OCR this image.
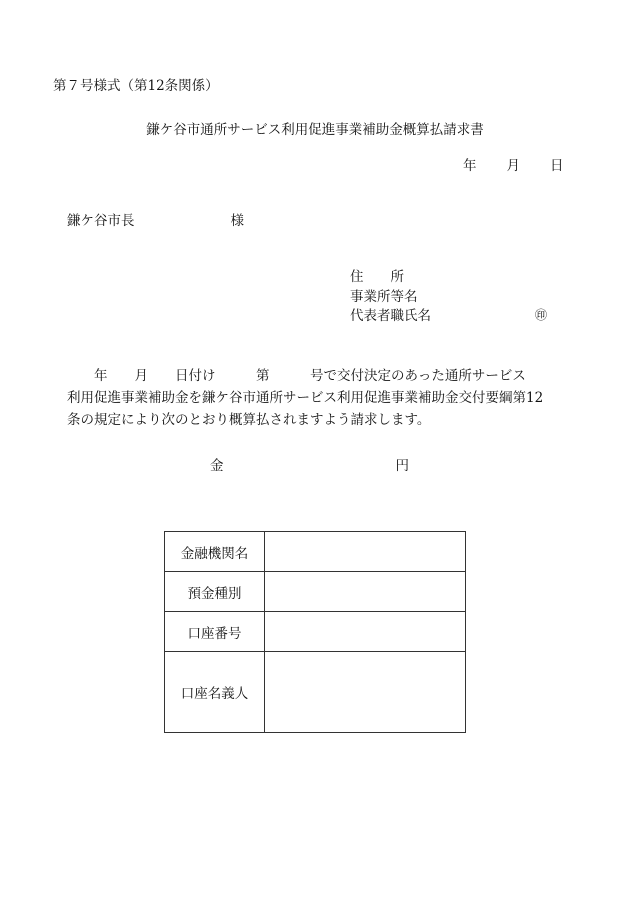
第７号様式（第12条関係）
鎌ケ谷市通所サービス利用促進事業補助金概算払請求書
年 月 日
鎌ケ谷市長	様
住　　所
事業所等名
代表者職氏名	㊞
　　年　　月　　日付け　　　第　　　号で交付決定のあった通所サービス
利用促進事業補助金を鎌ケ谷市通所サービス利用促進事業補助金交付要綱第12
条の規定により次のとおり概算払されますよう請求します。
金	円
金融機関名	
預金種別	
口座番号	
口座名義人	
